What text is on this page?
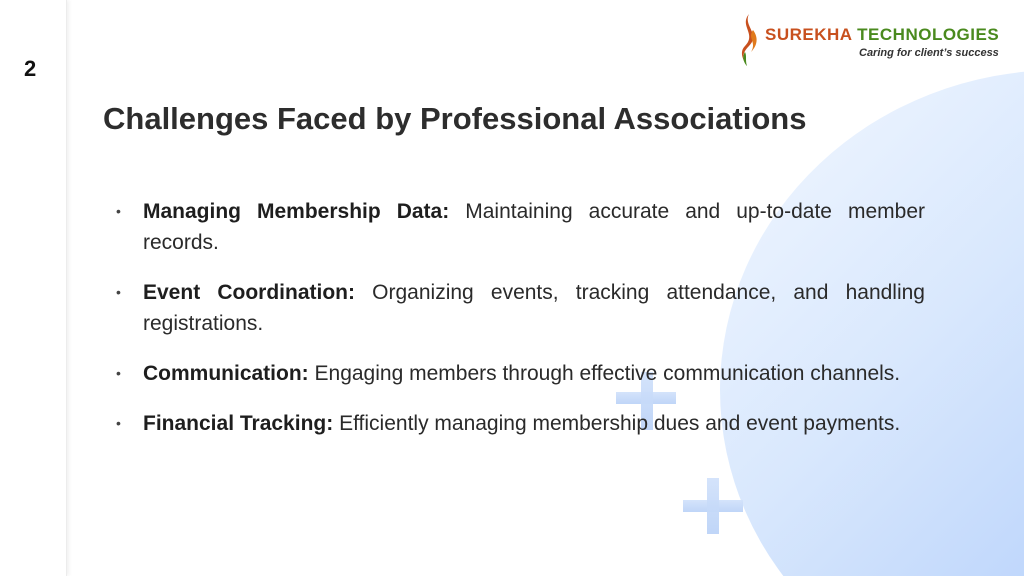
2
SUREKHA TECHNOLOGIES
Caring for client’s success
Challenges Faced by Professional Associations
• Managing Membership Data: Maintaining accurate and up-to-date member records.
• Event Coordination: Organizing events, tracking attendance, and handling registrations.
• Communication: Engaging members through effective communication channels.
• Financial Tracking: Efficiently managing membership dues and event payments.
